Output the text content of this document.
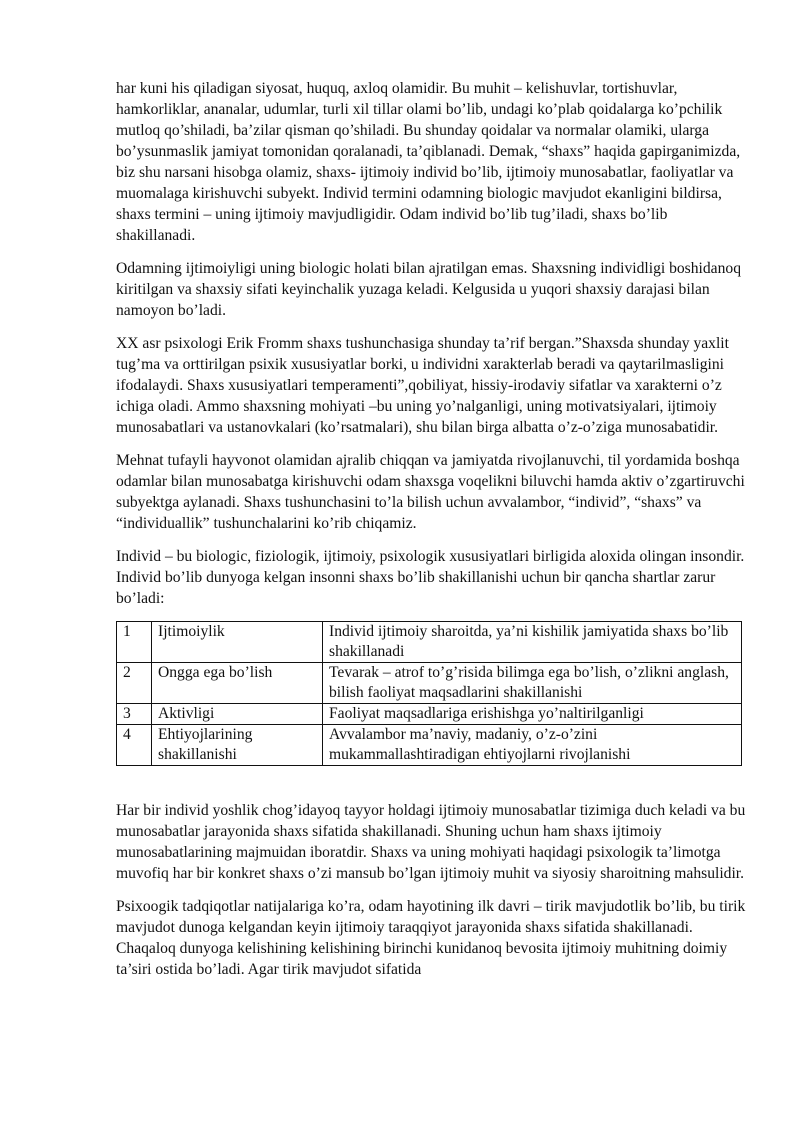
har kuni his qiladigan siyosat, huquq, axloq olamidir. Bu muhit – kelishuvlar, tortishuvlar, hamkorliklar, ananalar, udumlar, turli xil tillar olami bo’lib, undagi ko’plab qoidalarga ko’pchilik mutloq qo’shiladi, ba’zilar qisman qo’shiladi. Bu shunday qoidalar va normalar olamiki, ularga bo’ysunmaslik jamiyat tomonidan qoralanadi, ta’qiblanadi. Demak, “shaxs” haqida gapirganimizda, biz shu narsani hisobga olamiz, shaxs- ijtimoiy individ bo’lib, ijtimoiy munosabatlar, faoliyatlar va muomalaga kirishuvchi subyekt. Individ termini odamning biologic mavjudot ekanligini bildirsa, shaxs termini – uning ijtimoiy mavjudligidir. Odam individ bo’lib tug’iladi, shaxs bo’lib shakillanadi.

Odamning ijtimoiyligi uning biologic holati bilan ajratilgan emas. Shaxsning individligi boshidanoq kiritilgan va shaxsiy sifati keyinchalik yuzaga keladi. Kelgusida u yuqori shaxsiy darajasi bilan namoyon bo’ladi.

XX asr psixologi Erik Fromm shaxs tushunchasiga shunday ta’rif bergan.”Shaxsda shunday yaxlit tug’ma va orttirilgan psixik xususiyatlar borki, u individni xarakterlab beradi va qaytarilmasligini ifodalaydi. Shaxs xususiyatlari temperamenti”,qobiliyat, hissiy-irodaviy sifatlar va xarakterni o’z ichiga oladi. Ammo shaxsning mohiyati –bu uning yo’nalganligi, uning motivatsiyalari, ijtimoiy munosabatlari va ustanovkalari (ko’rsatmalari), shu bilan birga albatta o’z-o’ziga munosabatidir.

Mehnat tufayli hayvonot olamidan ajralib chiqqan va jamiyatda rivojlanuvchi, til yordamida boshqa odamlar bilan munosabatga kirishuvchi odam shaxsga voqelikni biluvchi hamda aktiv o’zgartiruvchi subyektga aylanadi. Shaxs tushunchasini to’la bilish uchun avvalambor, “individ”, “shaxs” va “individuallik” tushunchalarini ko’rib chiqamiz.

Individ – bu biologic, fiziologik, ijtimoiy, psixologik xususiyatlari birligida aloxida olingan insondir. Individ bo’lib dunyoga kelgan insonni shaxs bo’lib shakillanishi uchun bir qancha shartlar zarur bo’ladi:

1	Ijtimoiylik	Individ ijtimoiy sharoitda, ya’ni kishilik jamiyatida shaxs bo’lib shakillanadi
2	Ongga ega bo’lish	Tevarak – atrof to’g’risida bilimga ega bo’lish, o’zlikni anglash, bilish faoliyat maqsadlarini shakillanishi
3	Aktivligi	Faoliyat maqsadlariga erishishga yo’naltirilganligi
4	Ehtiyojlarining shakillanishi	Avvalambor ma’naviy, madaniy, o’z-o’zini mukammallashtiradigan ehtiyojlarni rivojlanishi

Har bir individ yoshlik chog’idayoq tayyor holdagi ijtimoiy munosabatlar tizimiga duch keladi va bu munosabatlar jarayonida shaxs sifatida shakillanadi. Shuning uchun ham shaxs ijtimoiy munosabatlarining majmuidan iboratdir. Shaxs va uning mohiyati haqidagi psixologik ta’limotga muvofiq har bir konkret shaxs o’zi mansub bo’lgan ijtimoiy muhit va siyosiy sharoitning mahsulidir.

Psixoogik tadqiqotlar natijalariga ko’ra, odam hayotining ilk davri – tirik mavjudotlik bo’lib, bu tirik mavjudot dunoga kelgandan keyin ijtimoiy taraqqiyot jarayonida shaxs sifatida shakillanadi. Chaqaloq dunyoga kelishining kelishining birinchi kunidanoq bevosita ijtimoiy muhitning doimiy ta’siri ostida bo’ladi. Agar tirik mavjudot sifatida
